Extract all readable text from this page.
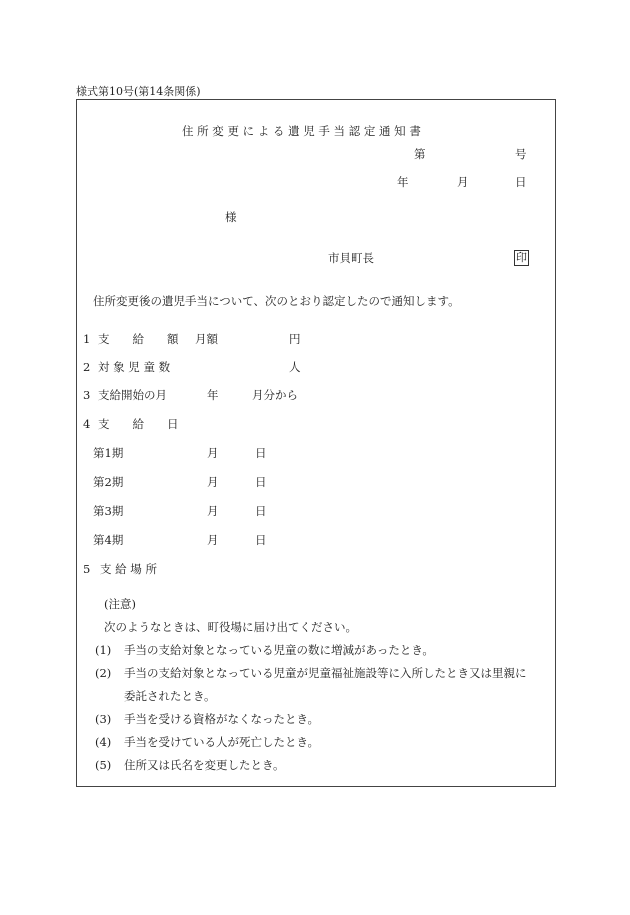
様式第10号(第14条関係)
住 所 変 更 に よ る 遺 児 手 当 認 定 通 知 書
第	号
年	月	日
様
市貝町長	印
住所変更後の遺児手当について、次のとおり認定したので通知します。
1 支　　給　　額 月額	円
2 対 象 児 童 数	人
3 支給開始の月	年	月分から
4 支　　給　　日
第1期	月	日
第2期	月	日
第3期	月	日
第4期	月	日
5 支 給 場 所
(注意)
次のようなときは、町役場に届け出てください。
(1) 手当の支給対象となっている児童の数に増減があったとき。
(2) 手当の支給対象となっている児童が児童福祉施設等に入所したとき又は里親に
委託されたとき。
(3) 手当を受ける資格がなくなったとき。
(4) 手当を受けている人が死亡したとき。
(5) 住所又は氏名を変更したとき。
